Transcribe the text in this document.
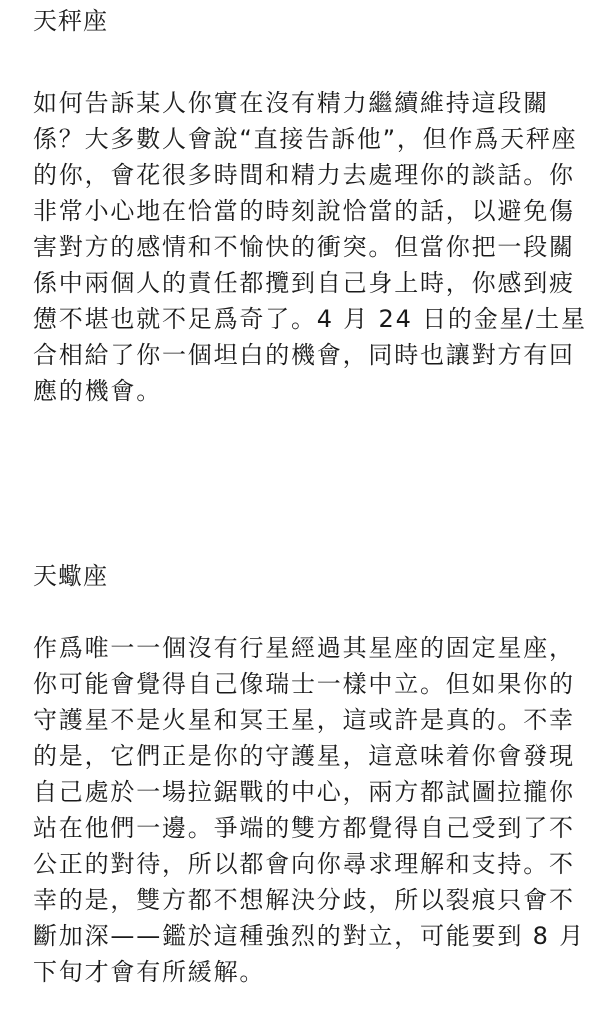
天秤座
如何告訴某人你實在沒有精力繼續維持這段關
係？大多數人會說“直接告訴他”，但作爲天秤座
的你，會花很多時間和精力去處理你的談話。你
非常小心地在恰當的時刻說恰當的話，以避免傷
害對方的感情和不愉快的衝突。但當你把一段關
係中兩個人的責任都攬到自己身上時，你感到疲
憊不堪也就不足爲奇了。4 月 24 日的金星/土星
合相給了你一個坦白的機會，同時也讓對方有回
應的機會。
天蠍座
作爲唯一一個沒有行星經過其星座的固定星座，
你可能會覺得自己像瑞士一樣中立。但如果你的
守護星不是火星和冥王星，這或許是真的。不幸
的是，它們正是你的守護星，這意味着你會發現
自己處於一場拉鋸戰的中心，兩方都試圖拉攏你
站在他們一邊。爭端的雙方都覺得自己受到了不
公正的對待，所以都會向你尋求理解和支持。不
幸的是，雙方都不想解決分歧，所以裂痕只會不
斷加深——鑑於這種強烈的對立，可能要到 8 月
下旬才會有所緩解。
